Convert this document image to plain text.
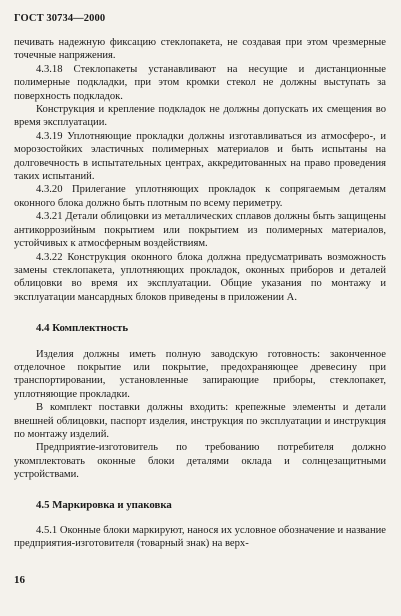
ГОСТ 30734—2000

печивать надежную фиксацию стеклопакета, не создавая при этом чрезмерные точечные напряжения.

4.3.18 Стеклопакеты устанавливают на несущие и дистанционные полимерные подкладки, при этом кромки стекол не должны выступать за поверхность подкладок.

Конструкция и крепление подкладок не должны допускать их смещения во время эксплуатации.

4.3.19 Уплотняющие прокладки должны изготавливаться из атмосферо-, и морозостойких эластичных полимерных материалов и быть испытаны на долговечность в испытательных центрах, аккредитованных на право проведения таких испытаний.

4.3.20 Прилегание уплотняющих прокладок к сопрягаемым деталям оконного блока должно быть плотным по всему периметру.

4.3.21 Детали облицовки из металлических сплавов должны быть защищены антикоррозийным покрытием или покрытием из полимерных материалов, устойчивых к атмосферным воздействиям.

4.3.22 Конструкция оконного блока должна предусматривать возможность замены стеклопакета, уплотняющих прокладок, оконных приборов и деталей облицовки во время их эксплуатации. Общие указания по монтажу и эксплуатации мансардных блоков приведены в приложении А.

4.4 Комплектность

Изделия должны иметь полную заводскую готовность: законченное отделочное покрытие или покрытие, предохраняющее древесину при транспортировании, установленные запирающие приборы, стеклопакет, уплотняющие прокладки.

В комплект поставки должны входить: крепежные элементы и детали внешней облицовки, паспорт изделия, инструкция по эксплуатации и инструкция по монтажу изделий.

Предприятие-изготовитель по требованию потребителя должно укомплектовать оконные блоки деталями оклада и солнцезащитными устройствами.

4.5 Маркировка и упаковка

4.5.1 Оконные блоки маркируют, нанося их условное обозначение и название предприятия-изготовителя (товарный знак) на верх-

16
